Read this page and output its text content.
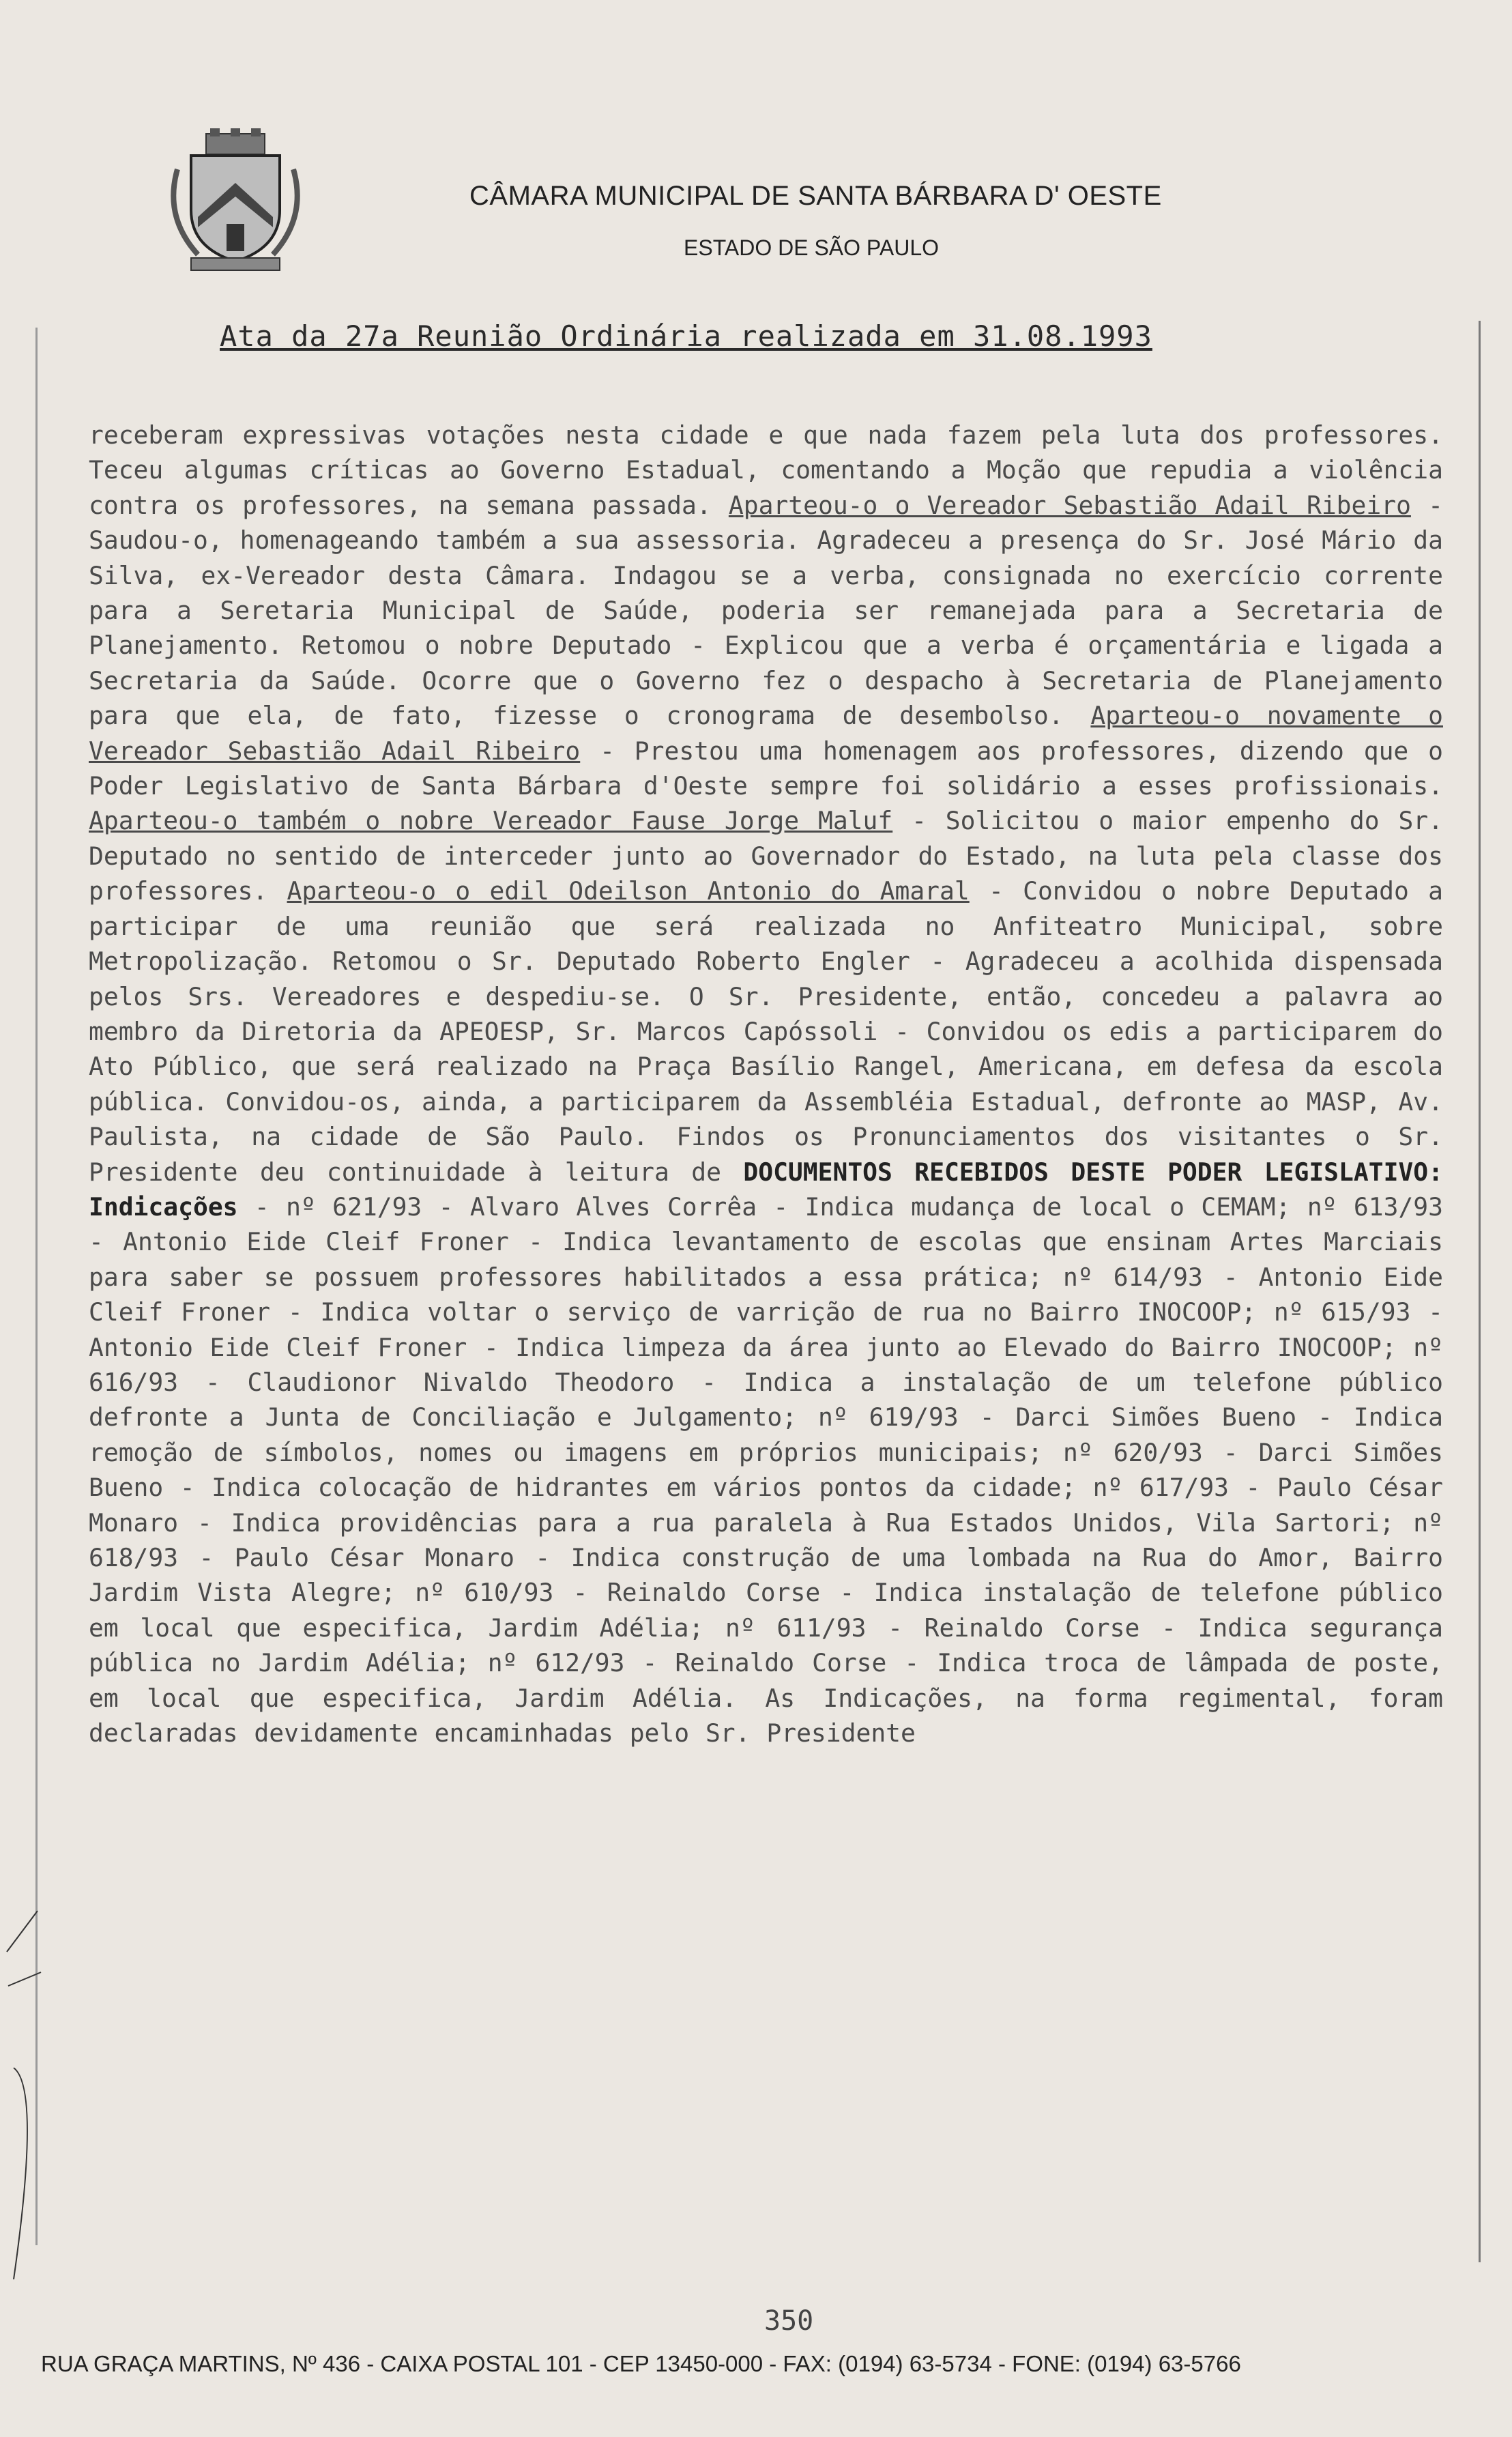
CÂMARA MUNICIPAL DE SANTA BÁRBARA D' OESTE
ESTADO DE SÃO PAULO
Ata da 27a Reunião Ordinária realizada em 31.08.1993
receberam expressivas votações nesta cidade e que nada fazem pela luta dos professores. Teceu algumas críticas ao Governo Estadual, comentando a Moção que repudia a violência contra os professores, na semana passada. Aparteou-o o Vereador Sebastião Adail Ribeiro - Saudou-o, homenageando também a sua assessoria. Agradeceu a presença do Sr. José Mário da Silva, ex-Vereador desta Câmara. Indagou se a verba, consignada no exercício corrente para a Seretaria Municipal de Saúde, poderia ser remanejada para a Secretaria de Planejamento. Retomou o nobre Deputado - Explicou que a verba é orçamentária e ligada a Secretaria da Saúde. Ocorre que o Governo fez o despacho à Secretaria de Planejamento para que ela, de fato, fizesse o cronograma de desembolso. Aparteou-o novamente o Vereador Sebastião Adail Ribeiro - Prestou uma homenagem aos professores, dizendo que o Poder Legislativo de Santa Bárbara d'Oeste sempre foi solidário a esses profissionais. Aparteou-o também o nobre Vereador Fause Jorge Maluf - Solicitou o maior empenho do Sr. Deputado no sentido de interceder junto ao Governador do Estado, na luta pela classe dos professores. Aparteou-o o edil Odeilson Antonio do Amaral - Convidou o nobre Deputado a participar de uma reunião que será realizada no Anfiteatro Municipal, sobre Metropolização. Retomou o Sr. Deputado Roberto Engler - Agradeceu a acolhida dispensada pelos Srs. Vereadores e despediu-se. O Sr. Presidente, então, concedeu a palavra ao membro da Diretoria da APEOESP, Sr. Marcos Capóssoli - Convidou os edis a participarem do Ato Público, que será realizado na Praça Basílio Rangel, Americana, em defesa da escola pública. Convidou-os, ainda, a participarem da Assembléia Estadual, defronte ao MASP, Av. Paulista, na cidade de São Paulo. Findos os Pronunciamentos dos visitantes o Sr. Presidente deu continuidade à leitura de DOCUMENTOS RECEBIDOS DESTE PODER LEGISLATIVO: Indicações - nº 621/93 - Alvaro Alves Corrêa - Indica mudança de local o CEMAM; nº 613/93 - Antonio Eide Cleif Froner - Indica levantamento de escolas que ensinam Artes Marciais para saber se possuem professores habilitados a essa prática; nº 614/93 - Antonio Eide Cleif Froner - Indica voltar o serviço de varrição de rua no Bairro INOCOOP; nº 615/93 - Antonio Eide Cleif Froner - Indica limpeza da área junto ao Elevado do Bairro INOCOOP; nº 616/93 - Claudionor Nivaldo Theodoro - Indica a instalação de um telefone público defronte a Junta de Conciliação e Julgamento; nº 619/93 - Darci Simões Bueno - Indica remoção de símbolos, nomes ou imagens em próprios municipais; nº 620/93 - Darci Simões Bueno - Indica colocação de hidrantes em vários pontos da cidade; nº 617/93 - Paulo César Monaro - Indica providências para a rua paralela à Rua Estados Unidos, Vila Sartori; nº 618/93 - Paulo César Monaro - Indica construção de uma lombada na Rua do Amor, Bairro Jardim Vista Alegre; nº 610/93 - Reinaldo Corse - Indica instalação de telefone público em local que especifica, Jardim Adélia; nº 611/93 - Reinaldo Corse - Indica segurança pública no Jardim Adélia; nº 612/93 - Reinaldo Corse - Indica troca de lâmpada de poste, em local que especifica, Jardim Adélia. As Indicações, na forma regimental, foram declaradas devidamente encaminhadas pelo Sr. Presidente
350
RUA GRAÇA MARTINS, Nº 436 - CAIXA POSTAL 101 - CEP 13450-000 - FAX: (0194) 63-5734 - FONE: (0194) 63-5766
